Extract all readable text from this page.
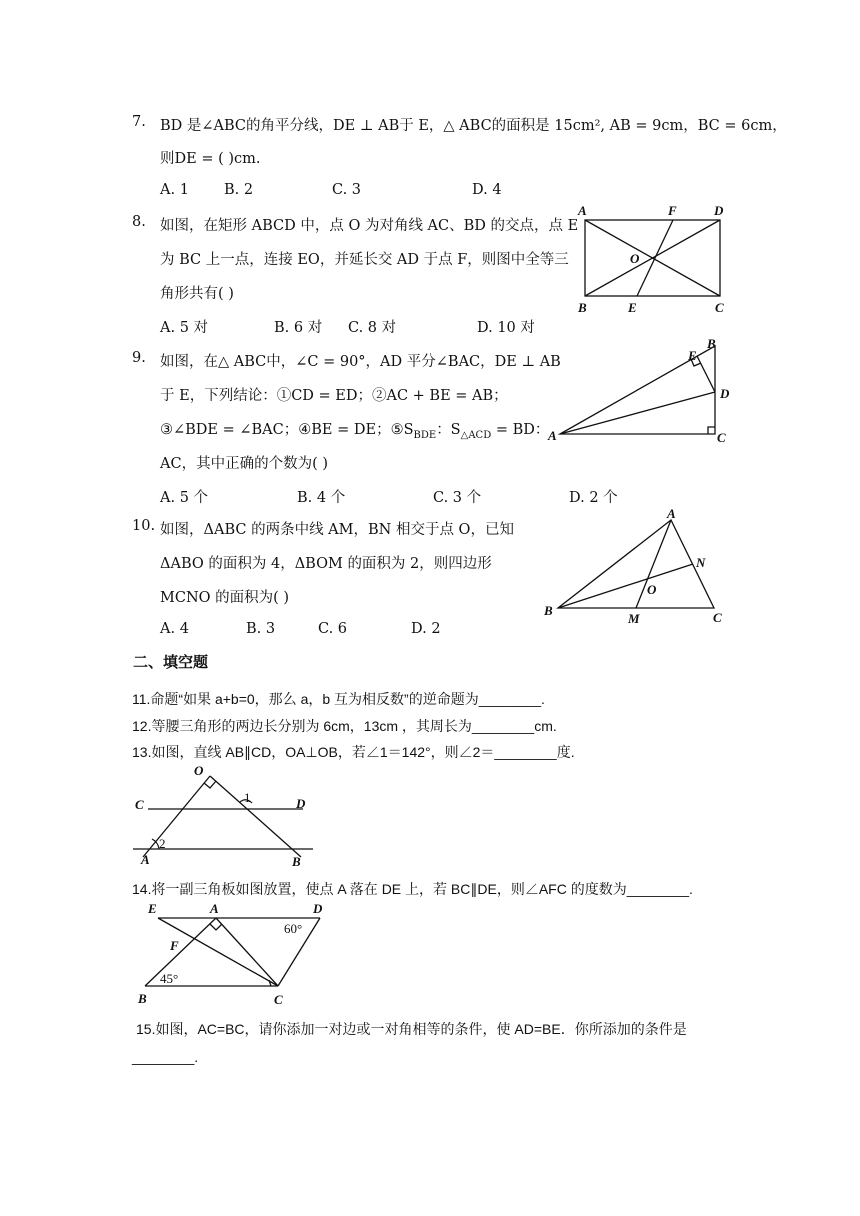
7. BD 是∠ABC的角平分线，DE ⊥ AB于 E，△ ABC的面积是 15cm², AB = 9cm，BC = 6cm，
则DE = ( )cm.
A. 1 B. 2	C. 3	D. 4
8. 如图，在矩形 ABCD 中，点 O 为对角线 AC、BD 的交点，点 E
为 BC 上一点，连接 EO，并延长交 AD 于点 F，则图中全等三
角形共有( )
A. 5 对	B. 6 对 C. 8 对	D. 10 对
A	F	D
O
B	E	C
9. 如图，在△ ABC中，∠C = 90°，AD 平分∠BAC，DE ⊥ AB
于 E，下列结论：①CD = ED；②AC + BE = AB；
③∠BDE = ∠BAC；④BE = DE；$⑤S_{BDE}$：$S_{\triangle ACD}$ = BD：
AC，其中正确的个数为( )
A. 5 个	B. 4 个	C. 3 个	D. 2 个
E
B
D
A	C
10. 如图，ΔABC 的两条中线 AM，BN 相交于点 O，已知
ΔABO 的面积为 4，ΔBOM 的面积为 2，则四边形
MCNO 的面积为( )
A. 4	B. 3	C. 6	D. 2
A
N
O
B
M	C
二、填空题
11.命题“如果 a+b=0，那么 a，b 互为相反数”的逆命题为________.
12.等腰三角形的两边长分别为 6cm，13cm ，其周长为________cm.
13.如图，直线 AB∥CD，OA⊥OB，若∠1＝142°，则∠2＝________度.
O
C	1	D
2
A	B
14.将一副三角板如图放置，使点 A 落在 DE 上，若 BC∥DE，则∠AFC 的度数为________.
E	A	D
60°
F
45°
B	C
15.如图，AC=BC，请你添加一对边或一对角相等的条件，使 AD=BE．你所添加的条件是
________.
